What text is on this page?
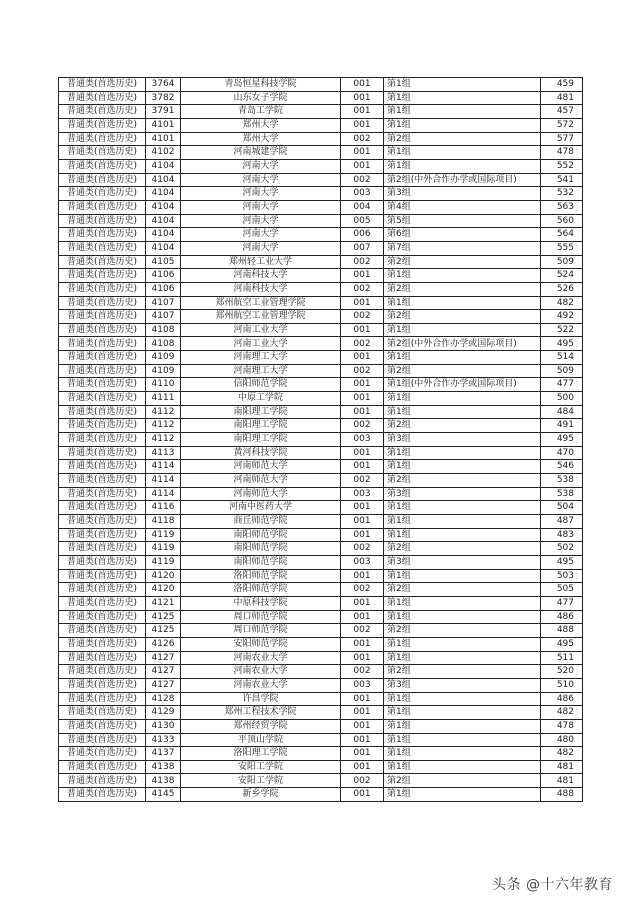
普通类(首选历史)	3764	青岛恒星科技学院	001	第1组	459
普通类(首选历史)	3782	山东女子学院	001	第1组	481
普通类(首选历史)	3791	青岛工学院	001	第1组	457
普通类(首选历史)	4101	郑州大学	001	第1组	572
普通类(首选历史)	4101	郑州大学	002	第2组	577
普通类(首选历史)	4102	河南城建学院	001	第1组	478
普通类(首选历史)	4104	河南大学	001	第1组	552
普通类(首选历史)	4104	河南大学	002	第2组(中外合作办学或国际项目)	541
普通类(首选历史)	4104	河南大学	003	第3组	532
普通类(首选历史)	4104	河南大学	004	第4组	563
普通类(首选历史)	4104	河南大学	005	第5组	560
普通类(首选历史)	4104	河南大学	006	第6组	564
普通类(首选历史)	4104	河南大学	007	第7组	555
普通类(首选历史)	4105	郑州轻工业大学	002	第2组	509
普通类(首选历史)	4106	河南科技大学	001	第1组	524
普通类(首选历史)	4106	河南科技大学	002	第2组	526
普通类(首选历史)	4107	郑州航空工业管理学院	001	第1组	482
普通类(首选历史)	4107	郑州航空工业管理学院	002	第2组	492
普通类(首选历史)	4108	河南工业大学	001	第1组	522
普通类(首选历史)	4108	河南工业大学	002	第2组(中外合作办学或国际项目)	495
普通类(首选历史)	4109	河南理工大学	001	第1组	514
普通类(首选历史)	4109	河南理工大学	002	第2组	509
普通类(首选历史)	4110	信阳师范学院	001	第1组(中外合作办学或国际项目)	477
普通类(首选历史)	4111	中原工学院	001	第1组	500
普通类(首选历史)	4112	南阳理工学院	001	第1组	484
普通类(首选历史)	4112	南阳理工学院	002	第2组	491
普通类(首选历史)	4112	南阳理工学院	003	第3组	495
普通类(首选历史)	4113	黄河科技学院	001	第1组	470
普通类(首选历史)	4114	河南师范大学	001	第1组	546
普通类(首选历史)	4114	河南师范大学	002	第2组	538
普通类(首选历史)	4114	河南师范大学	003	第3组	538
普通类(首选历史)	4116	河南中医药大学	001	第1组	504
普通类(首选历史)	4118	商丘师范学院	001	第1组	487
普通类(首选历史)	4119	南阳师范学院	001	第1组	483
普通类(首选历史)	4119	南阳师范学院	002	第2组	502
普通类(首选历史)	4119	南阳师范学院	003	第3组	495
普通类(首选历史)	4120	洛阳师范学院	001	第1组	503
普通类(首选历史)	4120	洛阳师范学院	002	第2组	505
普通类(首选历史)	4121	中原科技学院	001	第1组	477
普通类(首选历史)	4125	周口师范学院	001	第1组	486
普通类(首选历史)	4125	周口师范学院	002	第2组	488
普通类(首选历史)	4126	安阳师范学院	001	第1组	495
普通类(首选历史)	4127	河南农业大学	001	第1组	511
普通类(首选历史)	4127	河南农业大学	002	第2组	520
普通类(首选历史)	4127	河南农业大学	003	第3组	510
普通类(首选历史)	4128	许昌学院	001	第1组	486
普通类(首选历史)	4129	郑州工程技术学院	001	第1组	482
普通类(首选历史)	4130	郑州经贸学院	001	第1组	478
普通类(首选历史)	4133	平顶山学院	001	第1组	480
普通类(首选历史)	4137	洛阳理工学院	001	第1组	482
普通类(首选历史)	4138	安阳工学院	001	第1组	481
普通类(首选历史)	4138	安阳工学院	002	第2组	481
普通类(首选历史)	4145	新乡学院	001	第1组	488
头条 @十六年教育
